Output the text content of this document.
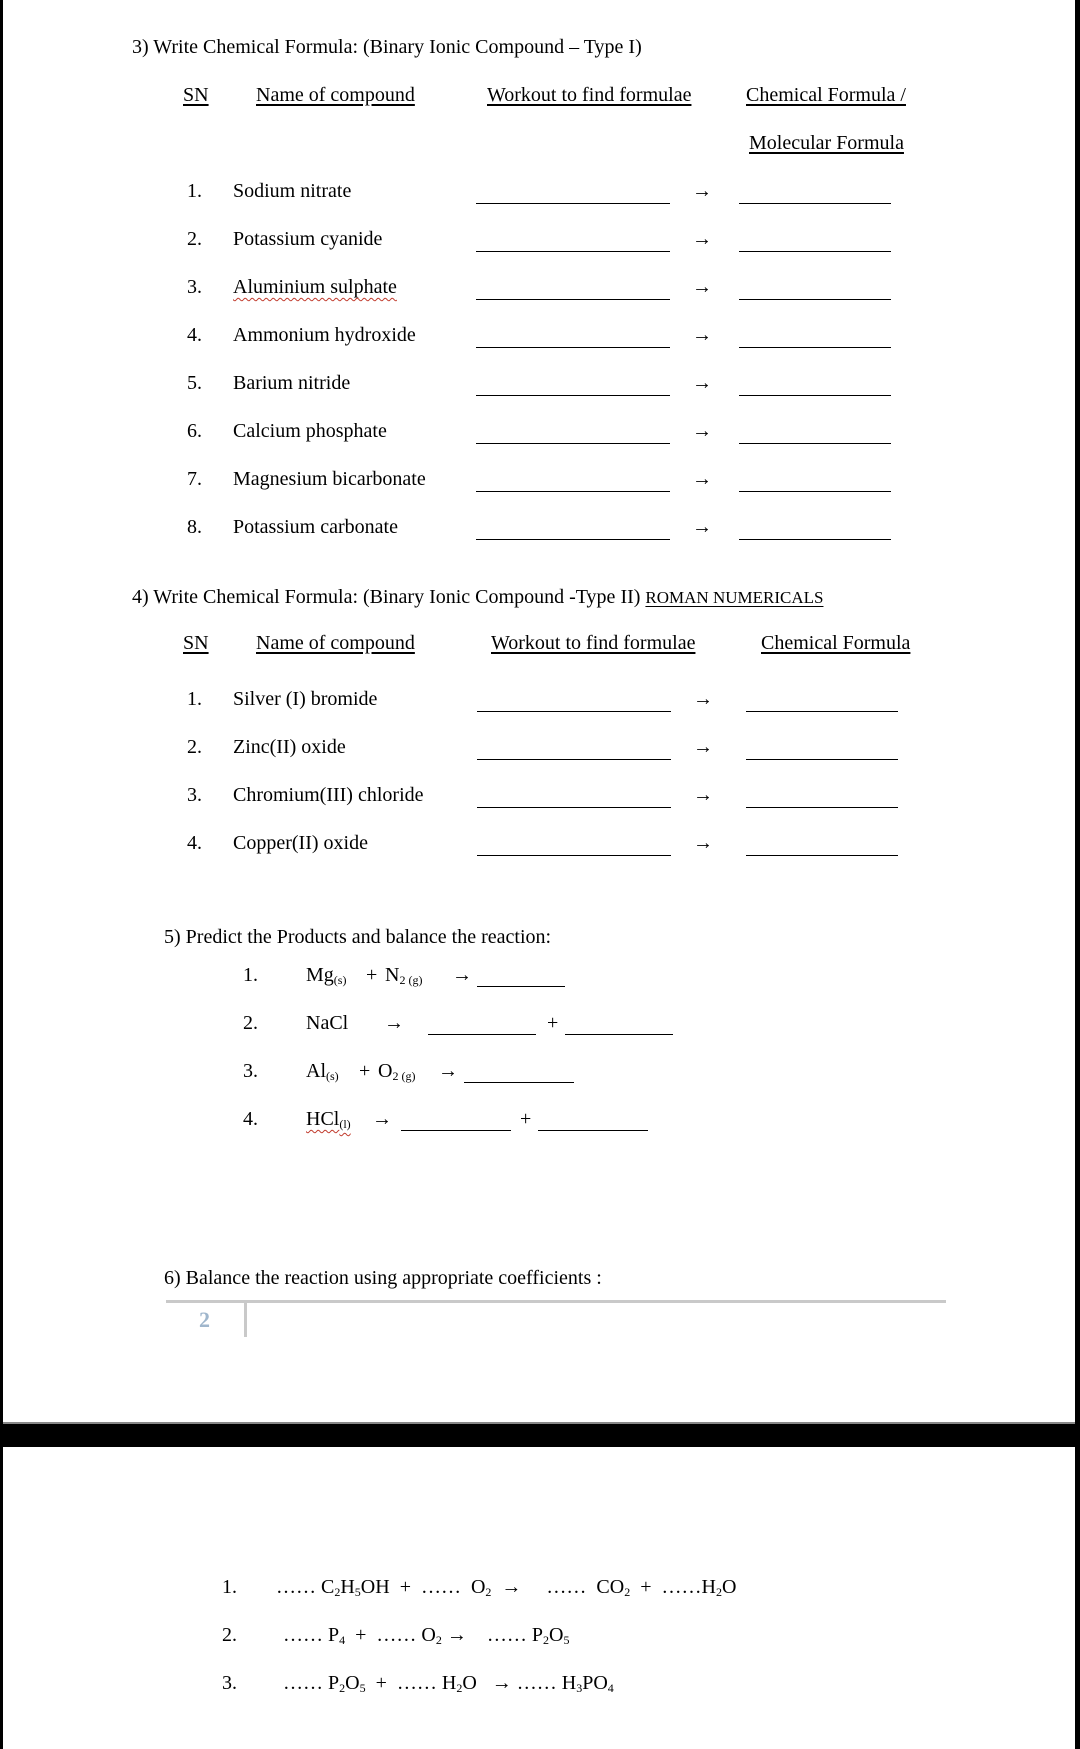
3) Write Chemical Formula: (Binary Ionic Compound – Type I)
SN Name of compound	Workout to find formulae	Chemical Formula /
Molecular Formula
1. Sodium nitrate	→
2. Potassium cyanide	→
3. Aluminium sulphate	→
4. Ammonium hydroxide	→
5. Barium nitride	→
6. Calcium phosphate	→
7. Magnesium bicarbonate	→
8. Potassium carbonate	→
4) Write Chemical Formula: (Binary Ionic Compound -Type II) ROMAN NUMERICALS
SN Name of compound	Workout to find formulae	Chemical Formula
1. Silver (I) bromide	→
2. Zinc(II) oxide	→
3. Chromium(III) chloride	→
4. Copper(II) oxide	→
5) Predict the Products and balance the reaction:
1. $Mg_{(s)} + N_{2 (g)}$ →
2. NaCl →	+
3. $Al_{(s)} + O_{2 (g)}$ →
4. HCl$_{(l)}$ →	+
6) Balance the reaction using appropriate coefficients :
2
1. …… $C_2H_5OH$ + …… $O_2$ → …… $CO_2$ + $\dots\dots H_2O$
2. …… $P_4$ + …… $O_2$ → …… $P_2O_5$
3. …… $P_2O_5$ + …… $H_2O$ → …… $H_3PO_4$
